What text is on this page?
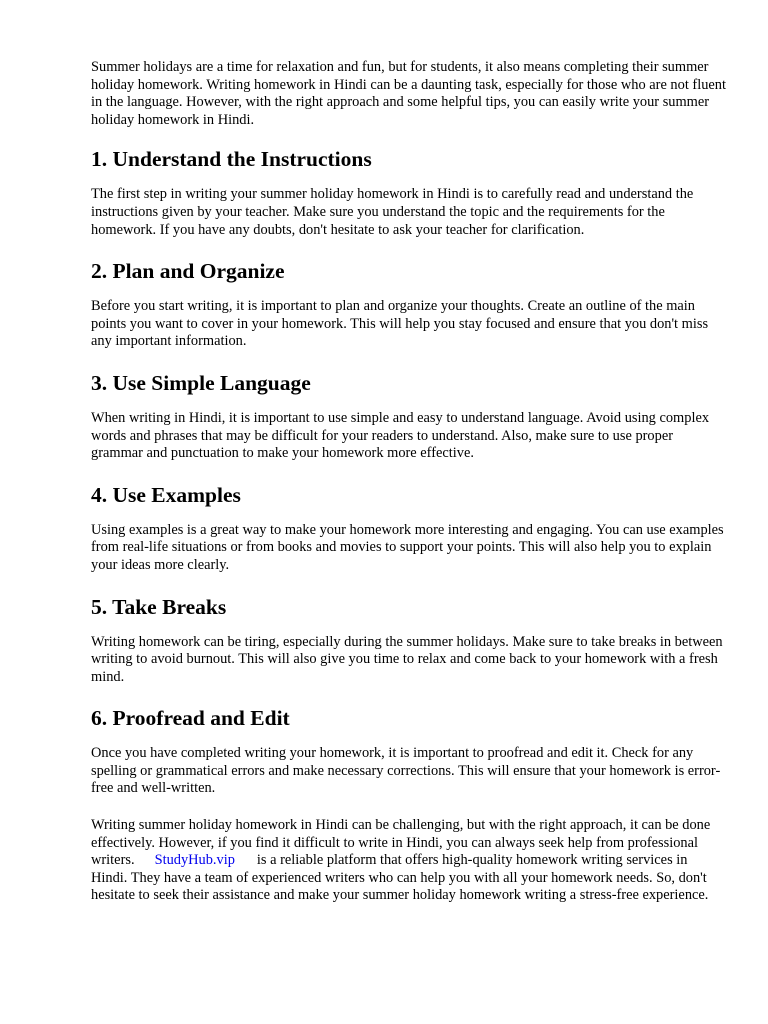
Summer holidays are a time for relaxation and fun, but for students, it also means completing their summer holiday homework. Writing homework in Hindi can be a daunting task, especially for those who are not fluent in the language. However, with the right approach and some helpful tips, you can easily write your summer holiday homework in Hindi.

1. Understand the Instructions

The first step in writing your summer holiday homework in Hindi is to carefully read and understand the instructions given by your teacher. Make sure you understand the topic and the requirements for the homework. If you have any doubts, don't hesitate to ask your teacher for clarification.

2. Plan and Organize

Before you start writing, it is important to plan and organize your thoughts. Create an outline of the main points you want to cover in your homework. This will help you stay focused and ensure that you don't miss any important information.

3. Use Simple Language

When writing in Hindi, it is important to use simple and easy to understand language. Avoid using complex words and phrases that may be difficult for your readers to understand. Also, make sure to use proper grammar and punctuation to make your homework more effective.

4. Use Examples

Using examples is a great way to make your homework more interesting and engaging. You can use examples from real-life situations or from books and movies to support your points. This will also help you to explain your ideas more clearly.

5. Take Breaks

Writing homework can be tiring, especially during the summer holidays. Make sure to take breaks in between writing to avoid burnout. This will also give you time to relax and come back to your homework with a fresh mind.

6. Proofread and Edit

Once you have completed writing your homework, it is important to proofread and edit it. Check for any spelling or grammatical errors and make necessary corrections. This will ensure that your homework is error-free and well-written.

Writing summer holiday homework in Hindi can be challenging, but with the right approach, it can be done effectively. However, if you find it difficult to write in Hindi, you can always seek help from professional writers. StudyHub.vip is a reliable platform that offers high-quality homework writing services in Hindi. They have a team of experienced writers who can help you with all your homework needs. So, don't hesitate to seek their assistance and make your summer holiday homework writing a stress-free experience.
